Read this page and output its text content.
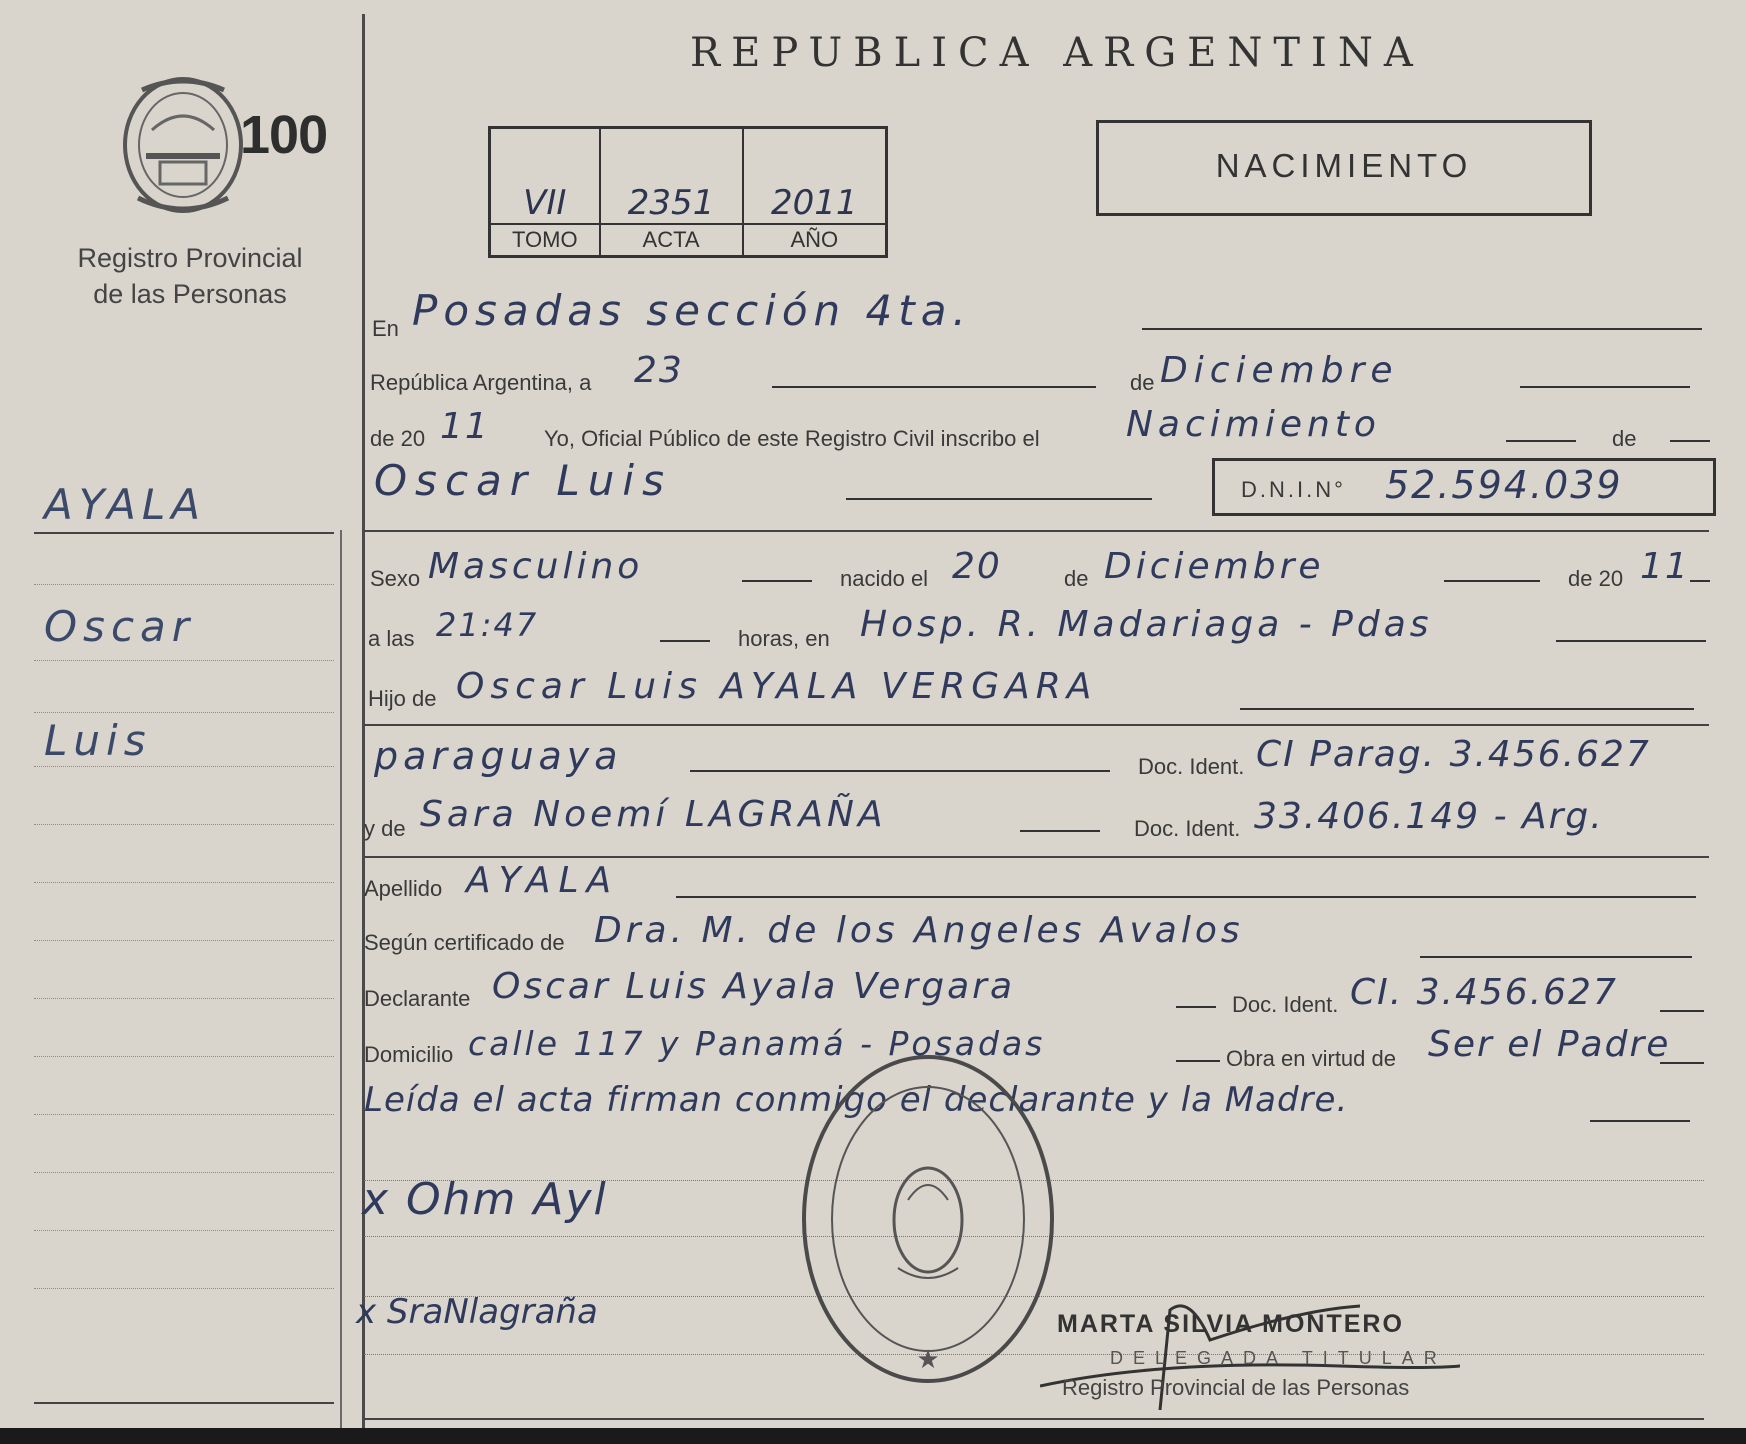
100
Registro Provincial
de las Personas
AYALA
Oscar
Luis
REPUBLICA ARGENTINA
VII	2351	2011
TOMO	ACTA	AÑO
NACIMIENTO
En Posadas sección 4ta.
República Argentina, a 23	de Diciembre
de 20 11 Yo, Oficial Público de este Registro Civil inscribo el Nacimiento	de
Oscar Luis	D.N.I.N° 52.594.039
Sexo Masculino	nacido el 20	de Diciembre	de 20 11
a las 21:47	horas, en Hosp. R. Madariaga - Pdas
Hijo de Oscar Luis AYALA VERGARA
paraguaya	Doc. Ident. CI Parag. 3.456.627
y de Sara Noemí LAGRAÑA	Doc. Ident. 33.406.149 - Arg.
Apellido AYALA
Según certificado de Dra. M. de los Angeles Avalos
Declarante Oscar Luis Ayala Vergara	Doc. Ident. CI. 3.456.627
Domicilio calle 117 y Panamá - Posadas	Obra en virtud de Ser el Padre
Leída el acta firman conmigo el declarante y la Madre.
x Ohm Ayl
x SraNlagraña
★
MARTA SILVIA MONTERO
DELEGADA TITULAR
Registro Provincial de las Personas
